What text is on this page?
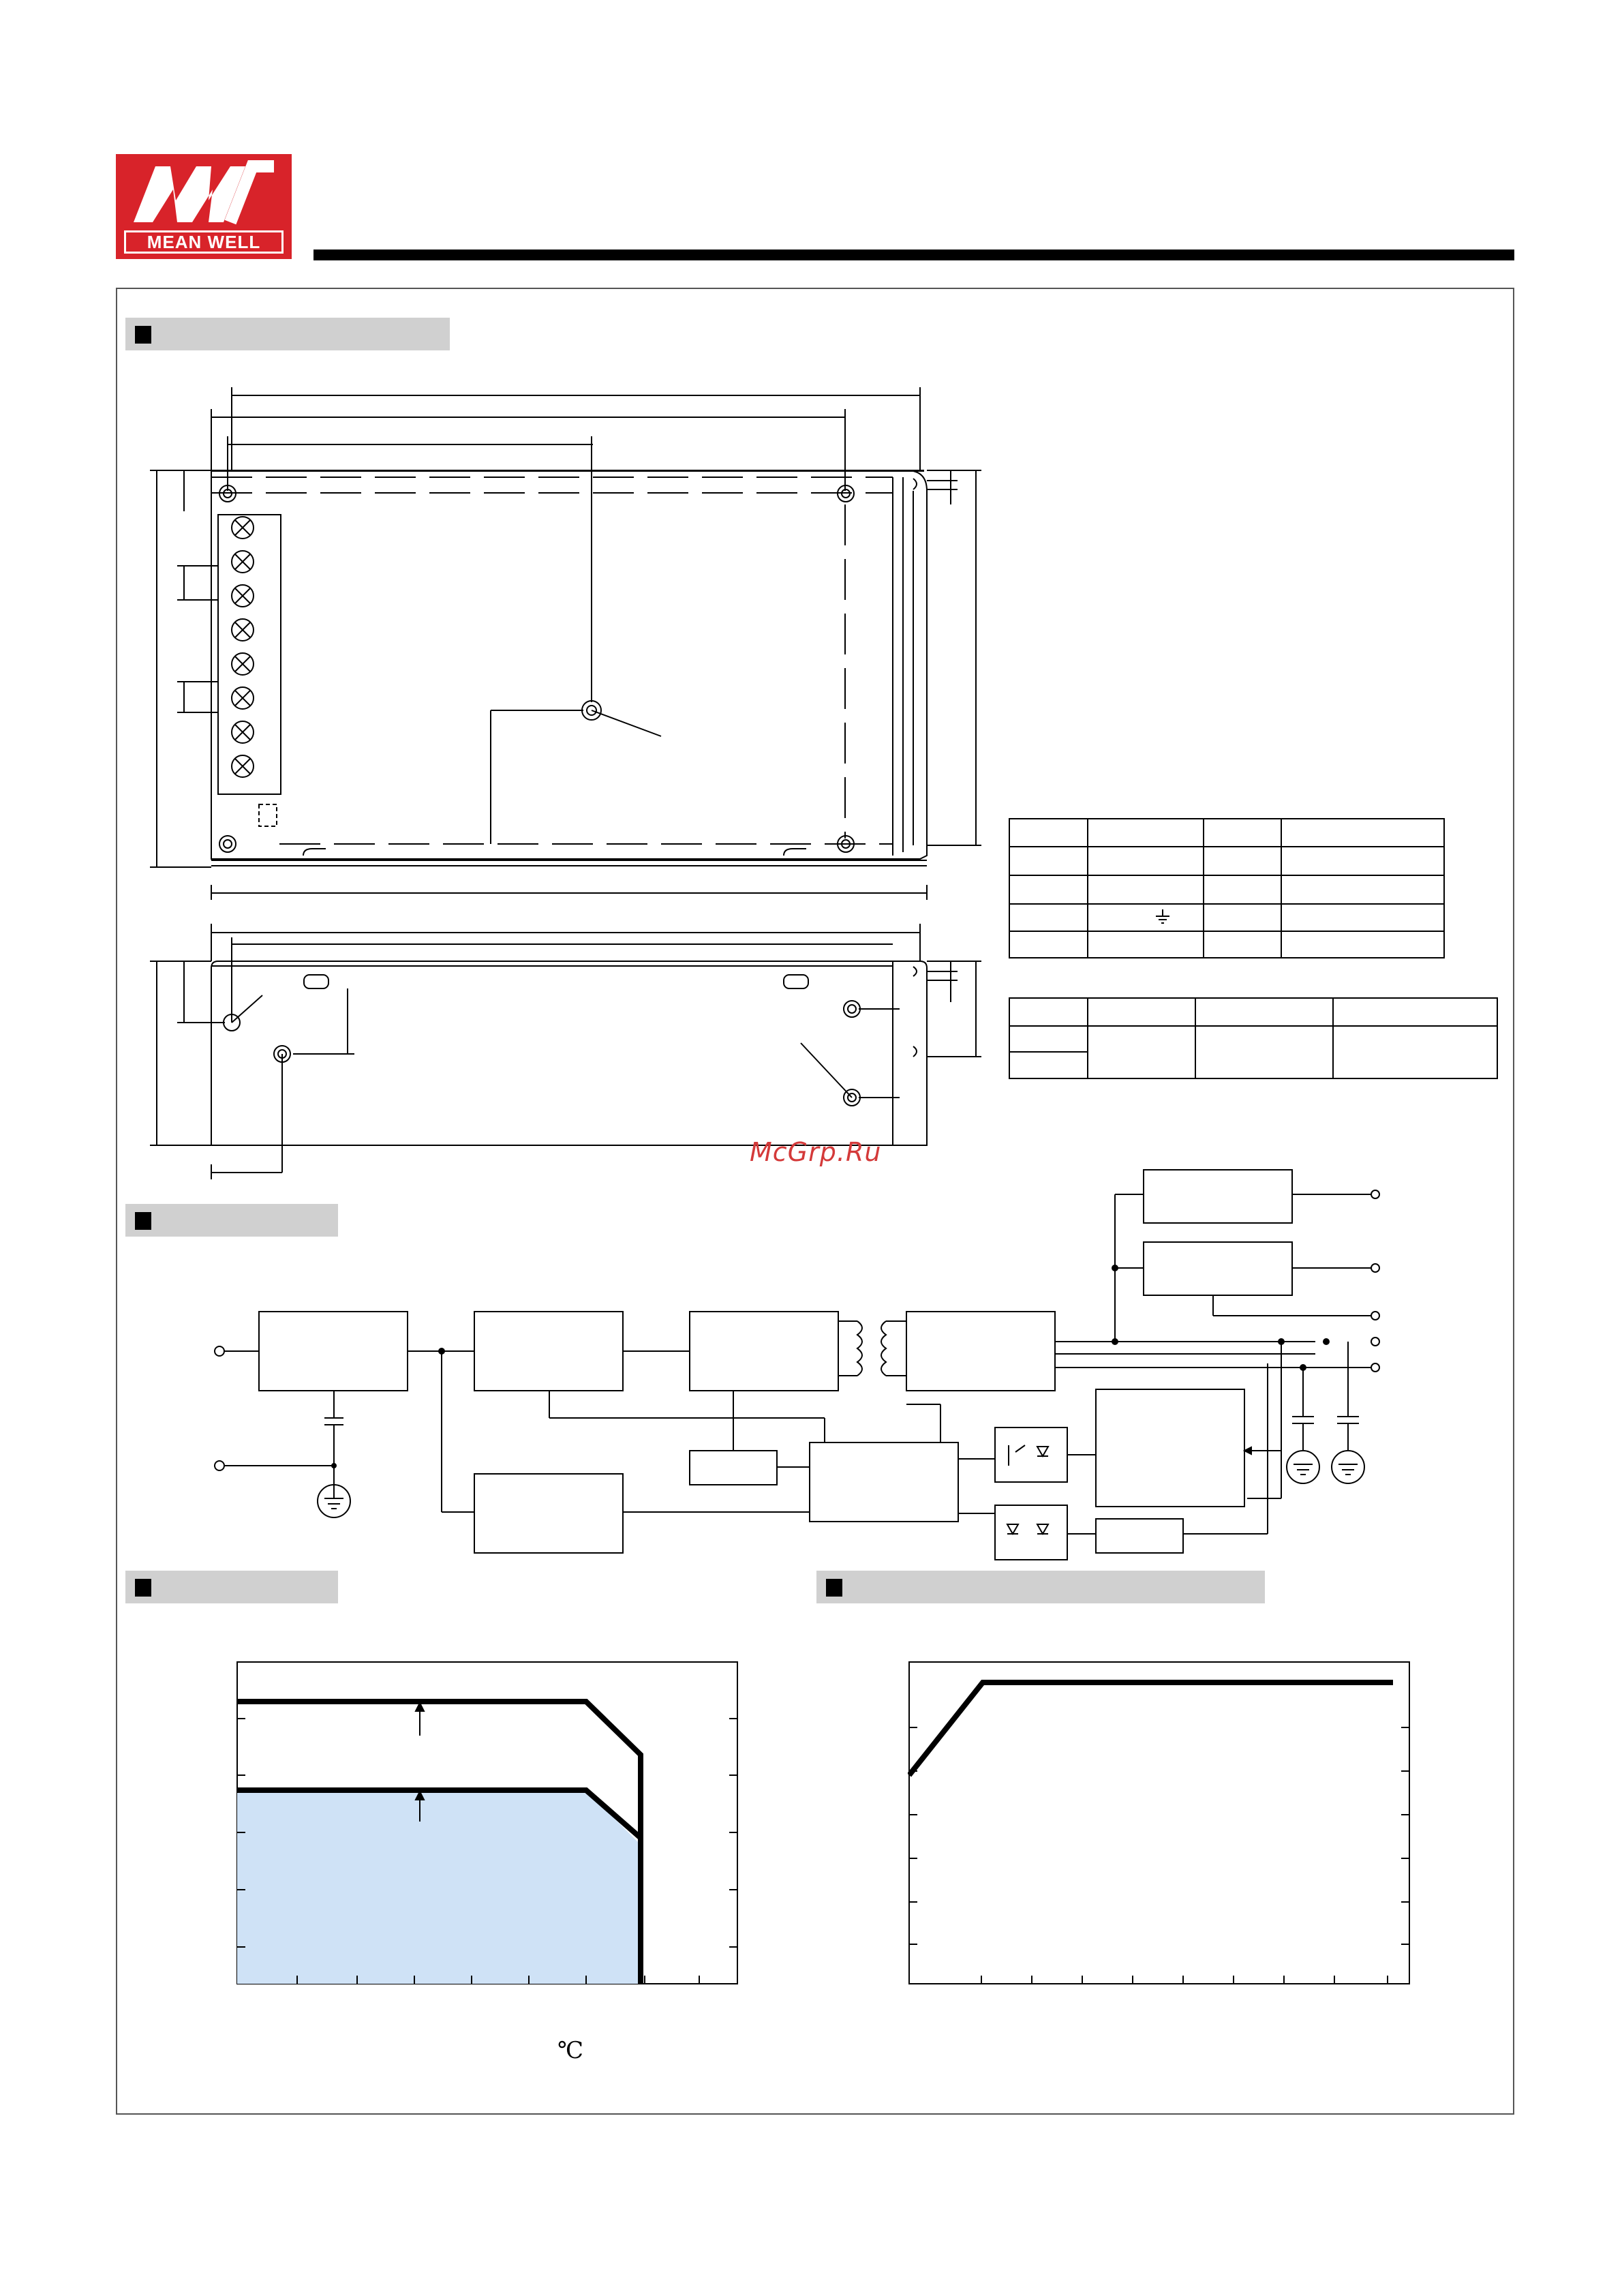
MEAN WELL
McGrp.Ru
℃
